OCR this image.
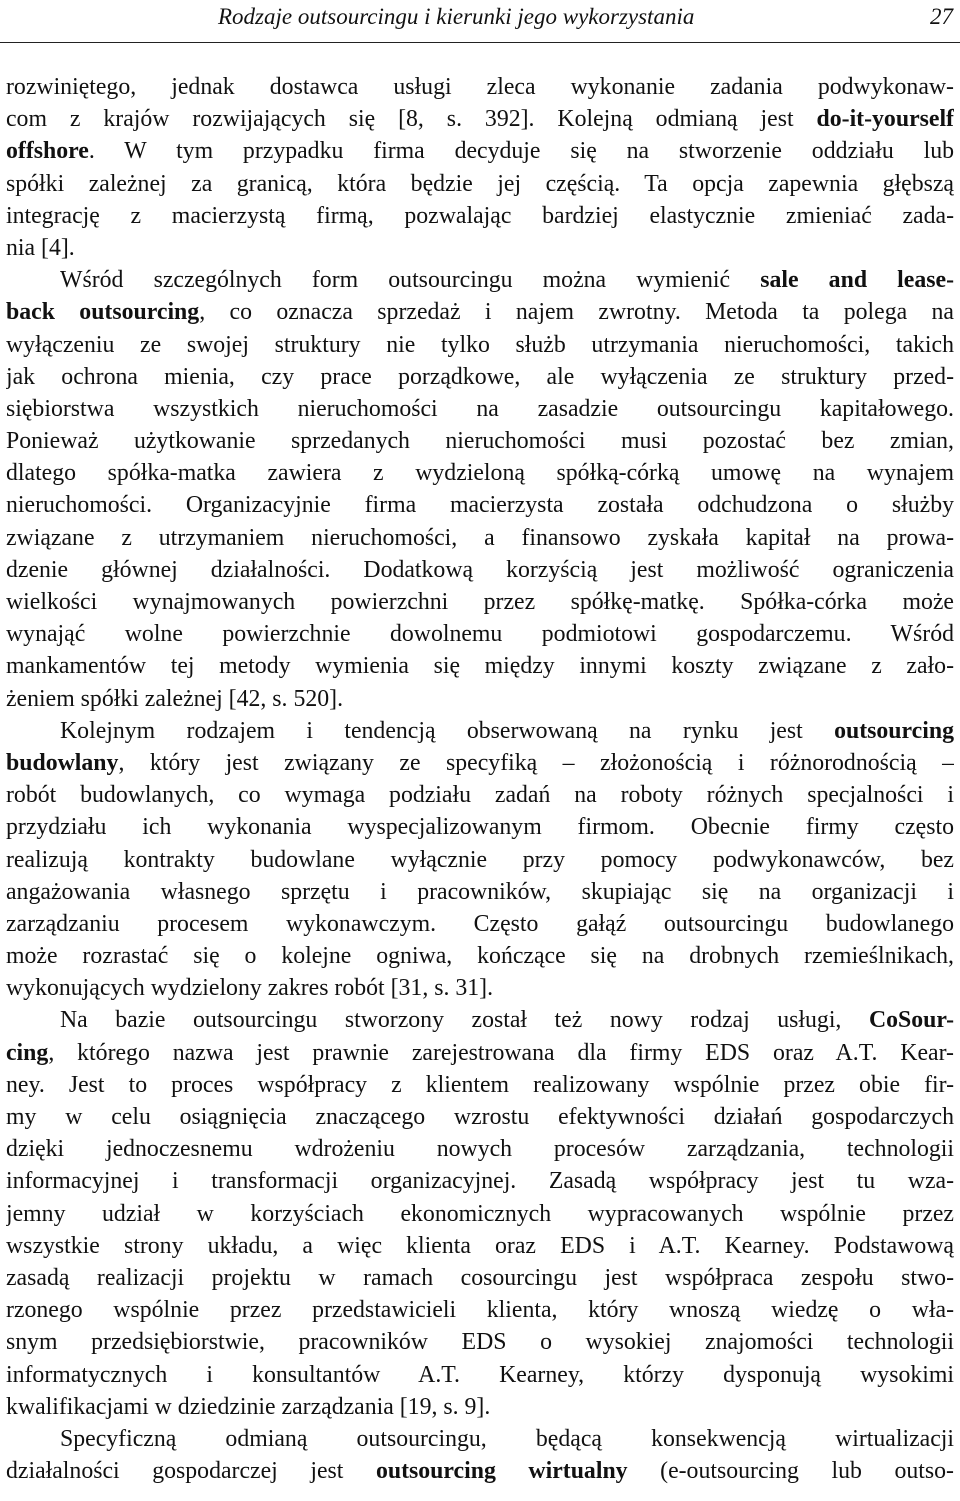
Rodzaje outsourcingu i kierunki jego wykorzystania	27
rozwiniętego, jednak dostawca usługi zleca wykonanie zadania podwykonaw-
com z krajów rozwijających się [8, s. 392]. Kolejną odmianą jest do-it-yourself
offshore. W tym przypadku firma decyduje się na stworzenie oddziału lub
spółki zależnej za granicą, która będzie jej częścią. Ta opcja zapewnia głębszą
integrację z macierzystą firmą, pozwalając bardziej elastycznie zmieniać zada-
nia [4].
Wśród szczególnych form outsourcingu można wymienić sale and lease-
back outsourcing, co oznacza sprzedaż i najem zwrotny. Metoda ta polega na
wyłączeniu ze swojej struktury nie tylko służb utrzymania nieruchomości, takich
jak ochrona mienia, czy prace porządkowe, ale wyłączenia ze struktury przed-
siębiorstwa wszystkich nieruchomości na zasadzie outsourcingu kapitałowego.
Ponieważ użytkowanie sprzedanych nieruchomości musi pozostać bez zmian,
dlatego spółka-matka zawiera z wydzieloną spółką-córką umowę na wynajem
nieruchomości. Organizacyjnie firma macierzysta została odchudzona o służby
związane z utrzymaniem nieruchomości, a finansowo zyskała kapitał na prowa-
dzenie głównej działalności. Dodatkową korzyścią jest możliwość ograniczenia
wielkości wynajmowanych powierzchni przez spółkę-matkę. Spółka-córka może
wynająć wolne powierzchnie dowolnemu podmiotowi gospodarczemu. Wśród
mankamentów tej metody wymienia się między innymi koszty związane z zało-
żeniem spółki zależnej [42, s. 520].
Kolejnym rodzajem i tendencją obserwowaną na rynku jest outsourcing
budowlany, który jest związany ze specyfiką – złożonością i różnorodnością –
robót budowlanych, co wymaga podziału zadań na roboty różnych specjalności i
przydziału ich wykonania wyspecjalizowanym firmom. Obecnie firmy często
realizują kontrakty budowlane wyłącznie przy pomocy podwykonawców, bez
angażowania własnego sprzętu i pracowników, skupiając się na organizacji i
zarządzaniu procesem wykonawczym. Często gałąź outsourcingu budowlanego
może rozrastać się o kolejne ogniwa, kończące się na drobnych rzemieślnikach,
wykonujących wydzielony zakres robót [31, s. 31].
Na bazie outsourcingu stworzony został też nowy rodzaj usługi, CoSour-
cing, którego nazwa jest prawnie zarejestrowana dla firmy EDS oraz A.T. Kear-
ney. Jest to proces współpracy z klientem realizowany wspólnie przez obie fir-
my w celu osiągnięcia znaczącego wzrostu efektywności działań gospodarczych
dzięki jednoczesnemu wdrożeniu nowych procesów zarządzania, technologii
informacyjnej i transformacji organizacyjnej. Zasadą współpracy jest tu wza-
jemny udział w korzyściach ekonomicznych wypracowanych wspólnie przez
wszystkie strony układu, a więc klienta oraz EDS i A.T. Kearney. Podstawową
zasadą realizacji projektu w ramach cosourcingu jest współpraca zespołu stwo-
rzonego wspólnie przez przedstawicieli klienta, który wnoszą wiedzę o wła-
snym przedsiębiorstwie, pracowników EDS o wysokiej znajomości technologii
informatycznych i konsultantów A.T. Kearney, którzy dysponują wysokimi
kwalifikacjami w dziedzinie zarządzania [19, s. 9].
Specyficzną odmianą outsourcingu, będącą konsekwencją wirtualizacji
działalności gospodarczej jest outsourcing wirtualny (e-outsourcing lub outso-
